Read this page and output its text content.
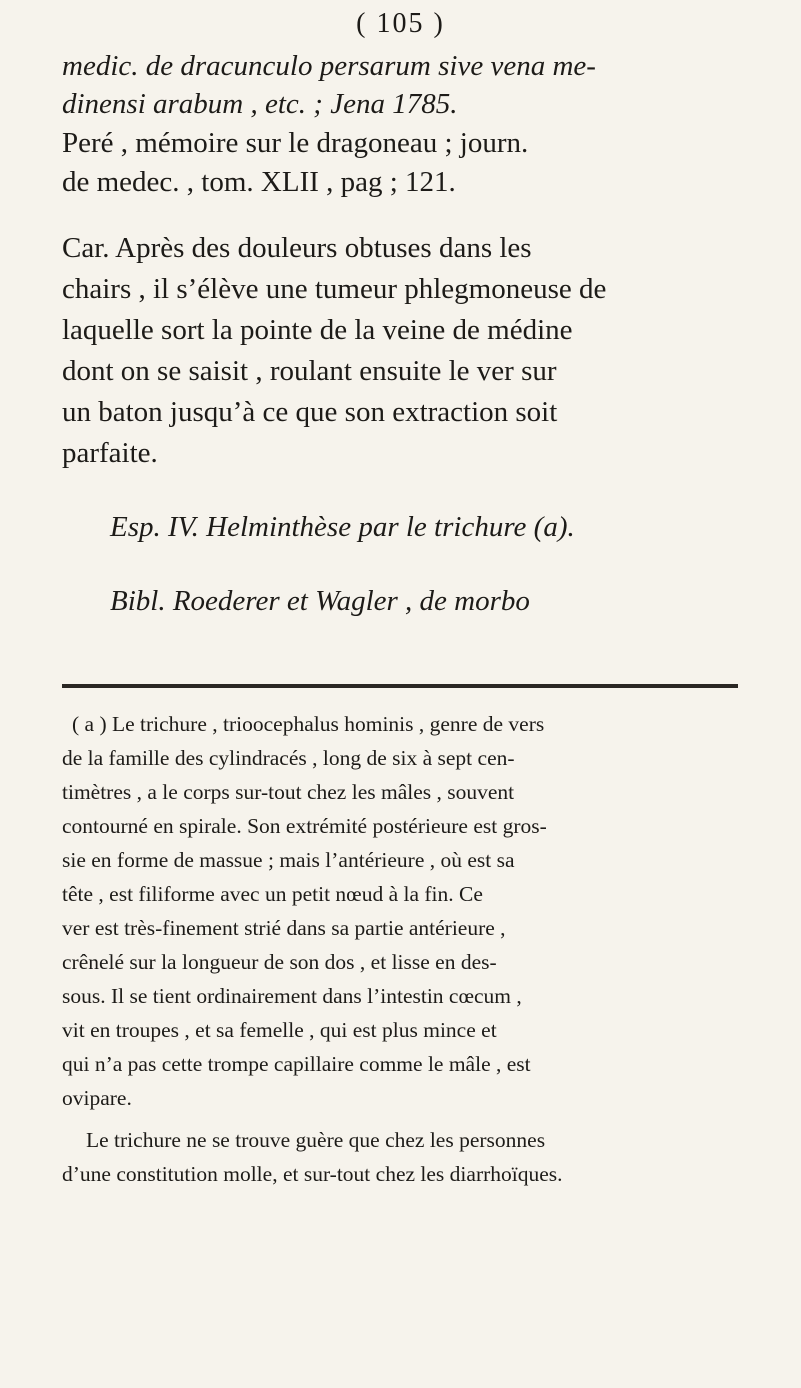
( 105 )
medic. de dracunculo persarum sive vena me-
dinensi arabum , etc. ; Jena 1785.
Peré , mémoire sur le dragoneau ; journ.
de medec. , tom. XLII , pag ; 121.
Car. Après des douleurs obtuses dans les
chairs , il s’élève une tumeur phlegmoneuse de
laquelle sort la pointe de la veine de médine
dont on se saisit , roulant ensuite le ver sur
un baton jusqu’à ce que son extraction soit
parfaite.
Esp. IV. Helminthèse par le trichure (a).
Bibl. Roederer et Wagler , de morbo
( a ) Le trichure , trioocephalus hominis , genre de vers
de la famille des cylindracés , long de six à sept cen-
timètres , a le corps sur-tout chez les mâles , souvent
contourné en spirale. Son extrémité postérieure est gros-
sie en forme de massue ; mais l’antérieure , où est sa
tête , est filiforme avec un petit nœud à la fin. Ce
ver est très-finement strié dans sa partie antérieure ,
crênelé sur la longueur de son dos , et lisse en des-
sous. Il se tient ordinairement dans l’intestin cœcum ,
vit en troupes , et sa femelle , qui est plus mince et
qui n’a pas cette trompe capillaire comme le mâle , est
ovipare.
Le trichure ne se trouve guère que chez les personnes
d’une constitution molle, et sur-tout chez les diarrhoïques.
